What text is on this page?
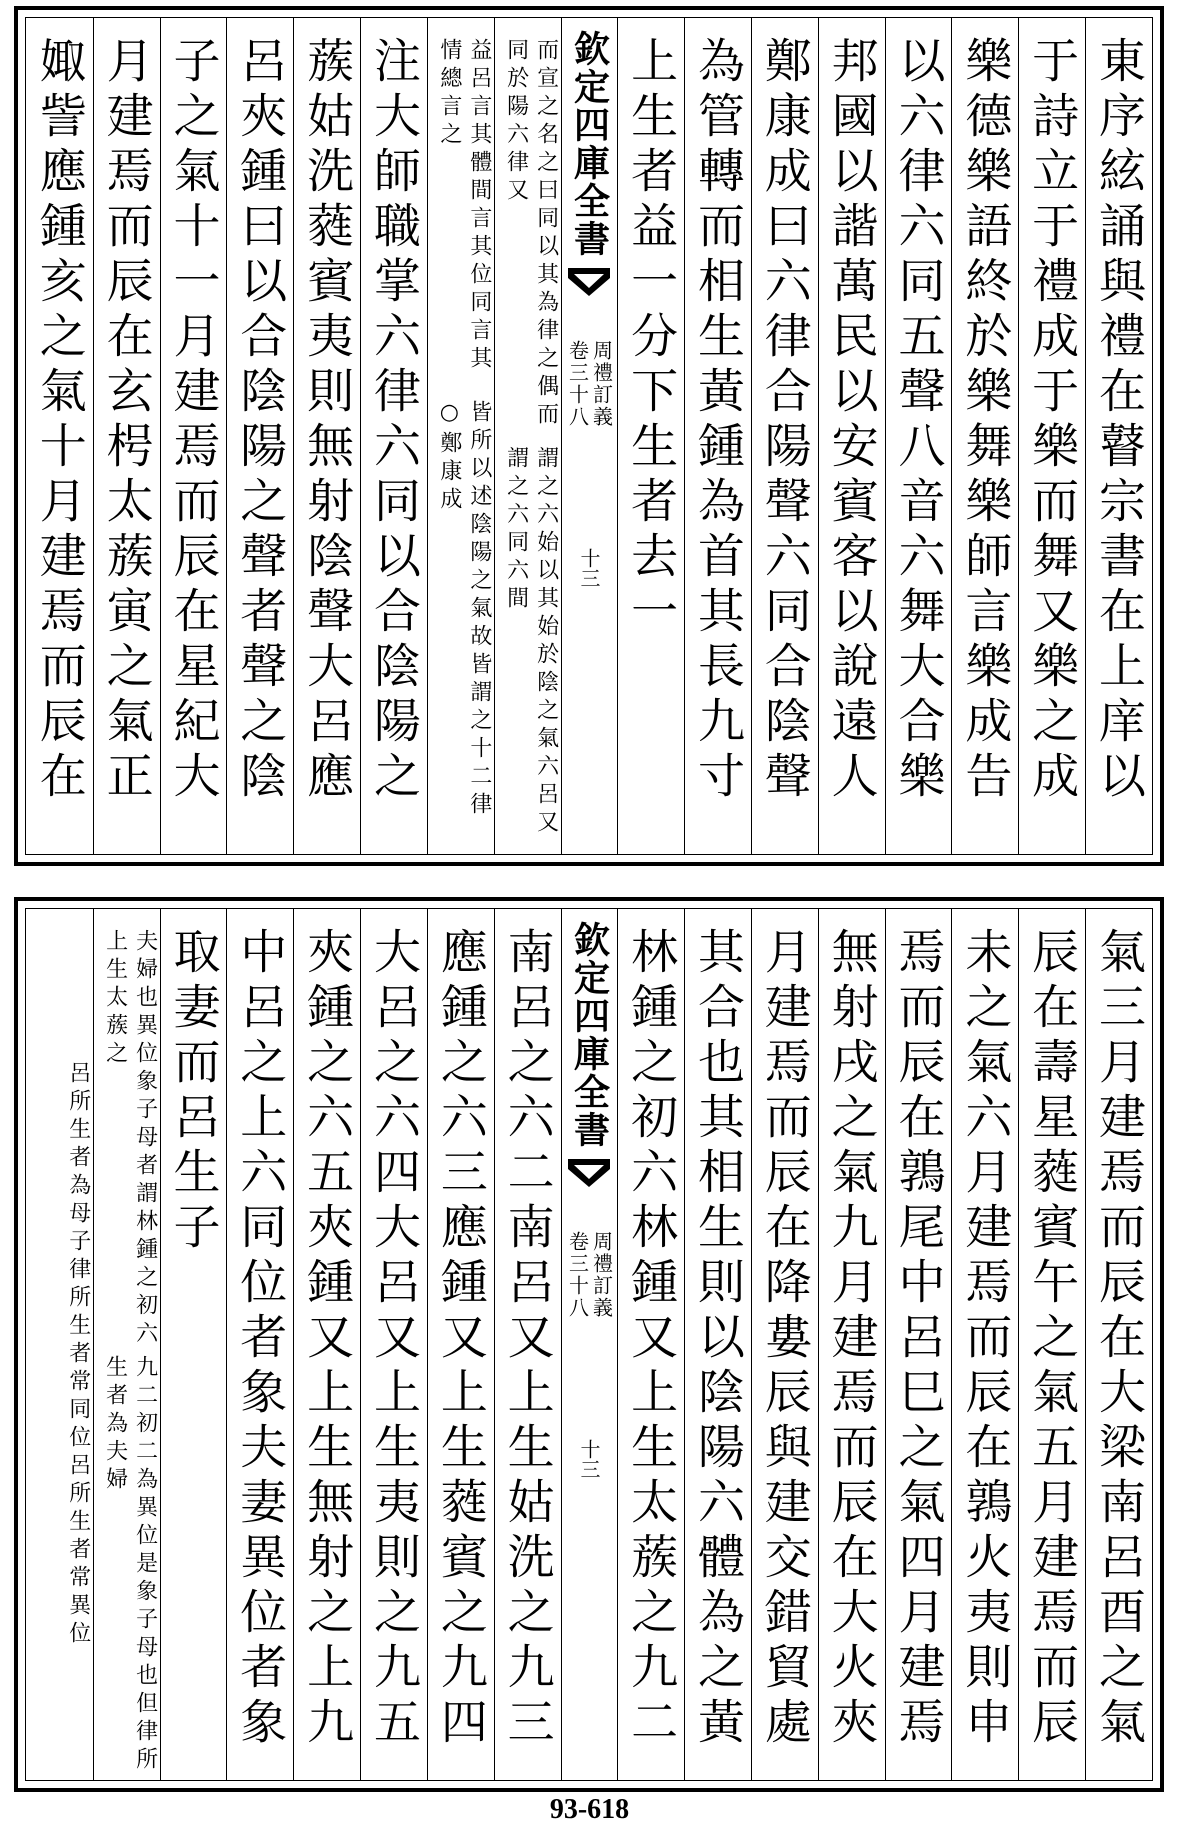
東序絃誦與禮在瞽宗書在上庠以
于詩立于禮成于樂而舞又樂之成
樂德樂語終於樂舞樂師言樂成告
以六律六同五聲八音六舞大合樂
邦國以諧萬民以安賓客以說遠人
鄭康成曰六律合陽聲六同合陰聲
為管轉而相生黃鍾為首其長九寸
上生者益一分下生者去一
欽定四庫全書
周禮訂義
卷三十八
十三
而宣之名之曰同以其為律之偶而同於陽六律又
謂之六始以其始於陰之氣六呂又謂之六同六間
益呂言其體間言其位同言其情總言之
皆所以述陰陽之氣故皆謂之十二律　○鄭康成
注大師職掌六律六同以合陰陽之
蔟姑洗蕤賓夷則無射陰聲大呂應
呂夾鍾曰以合陰陽之聲者聲之陰
子之氣十一月建焉而辰在星紀大
月建焉而辰在玄枵太蔟寅之氣正
娵訾應鍾亥之氣十月建焉而辰在
氣三月建焉而辰在大梁南呂酉之氣
辰在壽星蕤賓午之氣五月建焉而辰
未之氣六月建焉而辰在鶉火夷則申
焉而辰在鶉尾中呂巳之氣四月建焉
無射戌之氣九月建焉而辰在大火夾
月建焉而辰在降婁辰與建交錯貿處
其合也其相生則以陰陽六體為之黃
林鍾之初六林鍾又上生太蔟之九二
欽定四庫全書
周禮訂義
卷三十八
十三
南呂之六二南呂又上生姑洗之九三
應鍾之六三應鍾又上生蕤賓之九四
大呂之六四大呂又上生夷則之九五
夾鍾之六五夾鍾又上生無射之上九
中呂之上六同位者象夫妻異位者象
取妻而呂生子
夫婦也異位象子母者謂林鍾之初六上生太蔟之
九二初二為異位是象子母也但律所生者為夫婦
呂所生者為母子律所生者
常同位呂所生者常異位
93-618
